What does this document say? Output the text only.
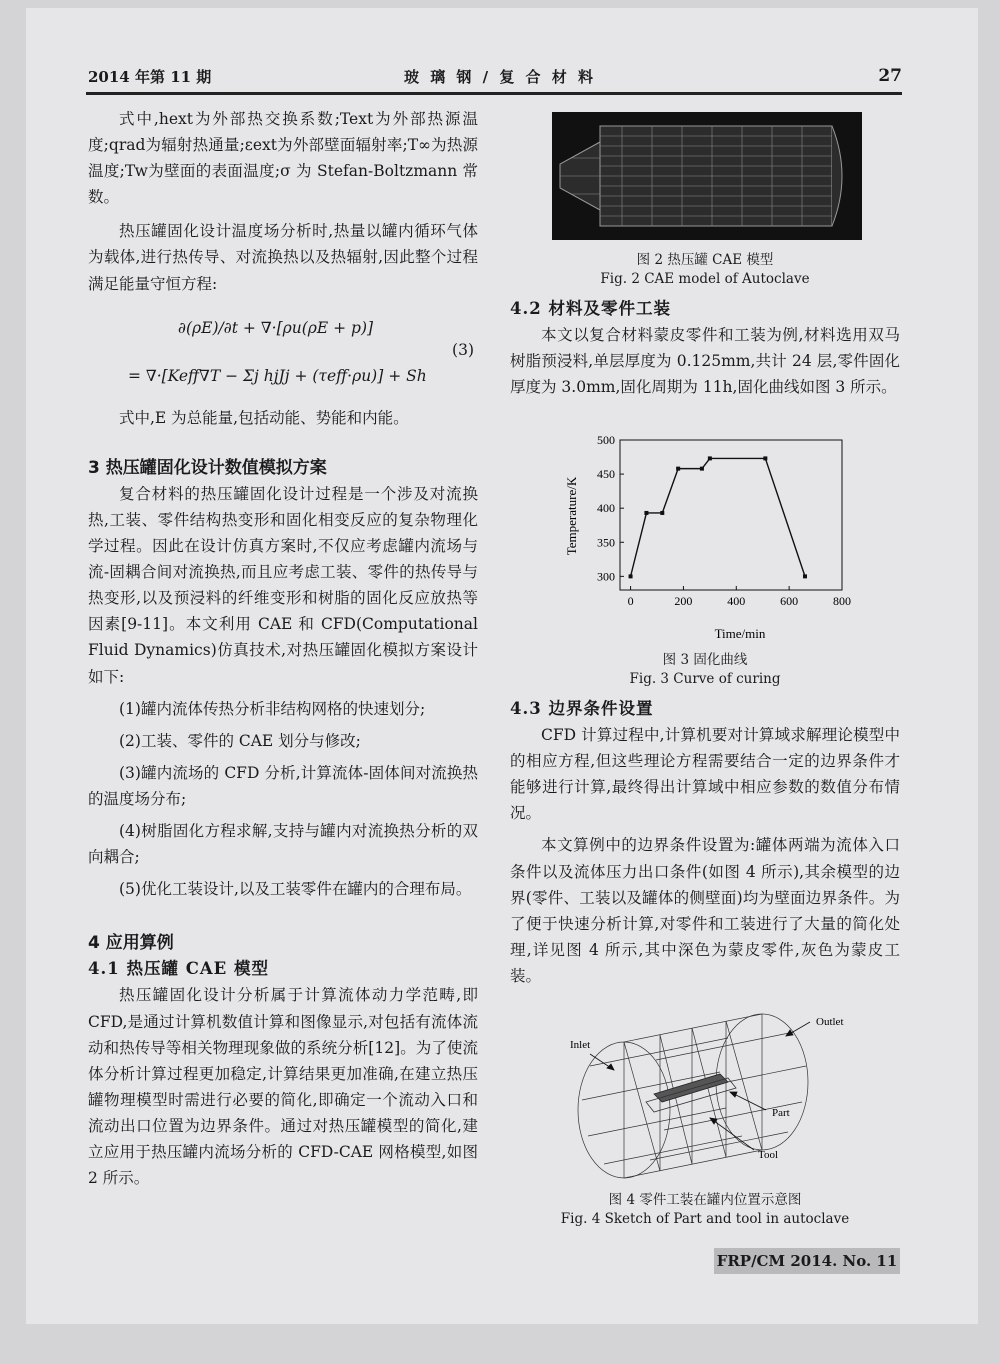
2014 年第 11 期	玻 璃 钢 / 复 合 材 料	27

式中,hext为外部热交换系数;Text为外部热源温度;qrad为辐射热通量;εext为外部壁面辐射率;T∞为热源温度;Tw为壁面的表面温度;σ 为 Stefan-Boltzmann 常数。

热压罐固化设计温度场分析时,热量以罐内循环气体为载体,进行热传导、对流换热以及热辐射,因此整个过程满足能量守恒方程:

∂(ρE)/∂t + ∇·[ρu(ρE + p)]
(3)
= ∇·[Keff∇T − Σj hjJj + (τeff·ρu)] + Sh

式中,E 为总能量,包括动能、势能和内能。

3 热压罐固化设计数值模拟方案

复合材料的热压罐固化设计过程是一个涉及对流换热,工装、零件结构热变形和固化相变反应的复杂物理化学过程。因此在设计仿真方案时,不仅应考虑罐内流场与流-固耦合间对流换热,而且应考虑工装、零件的热传导与热变形,以及预浸料的纤维变形和树脂的固化反应放热等因素[9-11]。本文利用 CAE 和 CFD(Computational Fluid Dynamics)仿真技术,对热压罐固化模拟方案设计如下:

(1)罐内流体传热分析非结构网格的快速划分;

(2)工装、零件的 CAE 划分与修改;

(3)罐内流场的 CFD 分析,计算流体-固体间对流换热的温度场分布;

(4)树脂固化方程求解,支持与罐内对流换热分析的双向耦合;

(5)优化工装设计,以及工装零件在罐内的合理布局。

4 应用算例

4.1 热压罐 CAE 模型

热压罐固化设计分析属于计算流体动力学范畴,即 CFD,是通过计算机数值计算和图像显示,对包括有流体流动和热传导等相关物理现象做的系统分析[12]。为了使流体分析计算过程更加稳定,计算结果更加准确,在建立热压罐物理模型时需进行必要的简化,即确定一个流动入口和流动出口位置为边界条件。通过对热压罐模型的简化,建立应用于热压罐内流场分析的 CFD-CAE 网格模型,如图 2 所示。

图 2 热压罐 CAE 模型

Fig. 2 CAE model of Autoclave

4.2 材料及零件工装

本文以复合材料蒙皮零件和工装为例,材料选用双马树脂预浸料,单层厚度为 0.125mm,共计 24 层,零件固化厚度为 3.0mm,固化周期为 11h,固化曲线如图 3 所示。

0	200	400	600	800
300
350
400
450
500
Temperature/K
Time/min

图 3 固化曲线

Fig. 3 Curve of curing

4.3 边界条件设置

CFD 计算过程中,计算机要对计算域求解理论模型中的相应方程,但这些理论方程需要结合一定的边界条件才能够进行计算,最终得出计算域中相应参数的数值分布情况。

本文算例中的边界条件设置为:罐体两端为流体入口条件以及流体压力出口条件(如图 4 所示),其余模型的边界(零件、工装以及罐体的侧壁面)均为壁面边界条件。为了便于快速分析计算,对零件和工装进行了大量的简化处理,详见图 4 所示,其中深色为蒙皮零件,灰色为蒙皮工装。

Inlet
Outlet
Part
Tool

图 4 零件工装在罐内位置示意图

Fig. 4 Sketch of Part and tool in autoclave

FRP/CM 2014. No. 11
